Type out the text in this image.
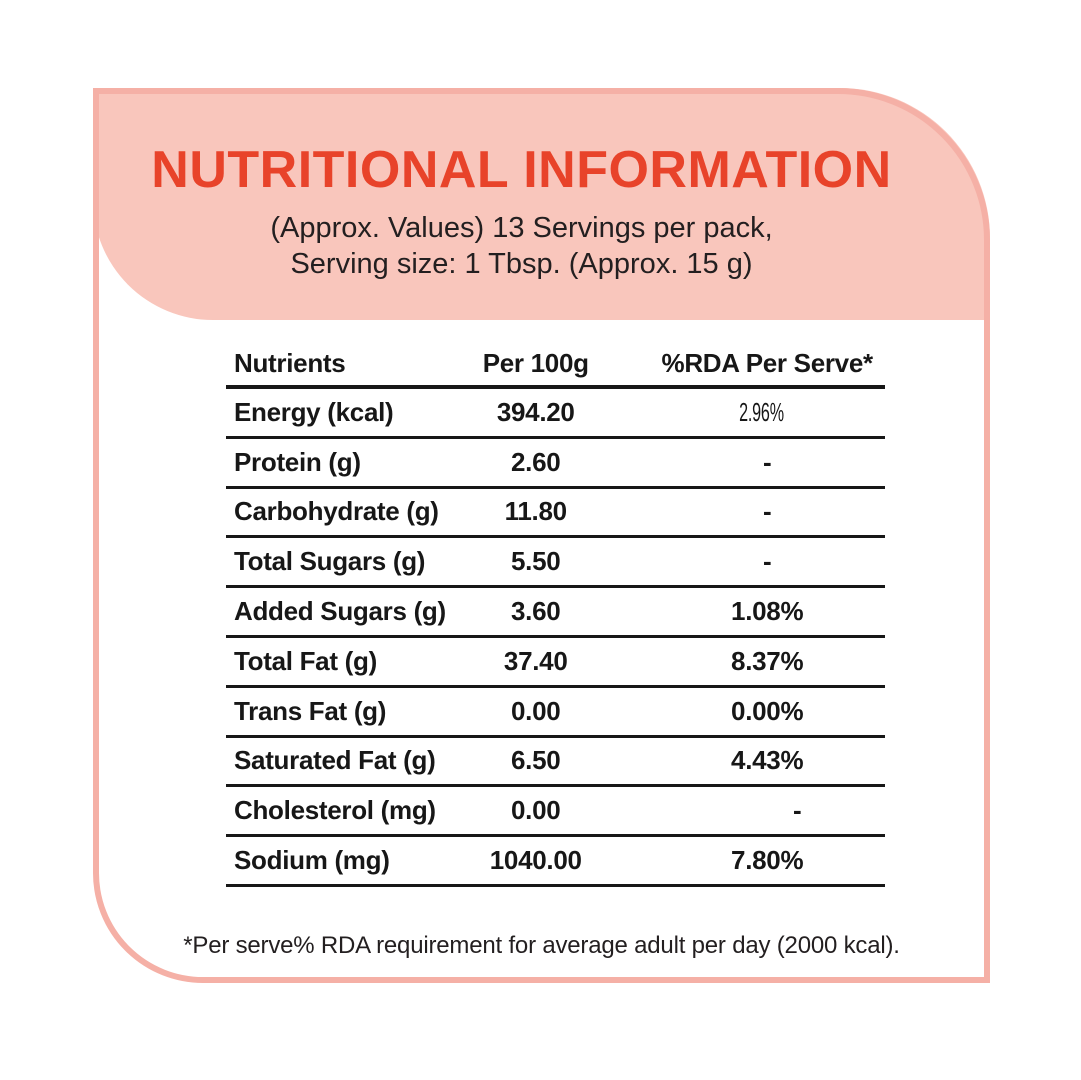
NUTRITIONAL INFORMATION
(Approx. Values) 13 Servings per pack,
Serving size: 1 Tbsp. (Approx. 15 g)
Nutrients	Per 100g	%RDA Per Serve*
Energy (kcal)	394.20	2.96%
Protein (g)	2.60	-
Carbohydrate (g)	11.80	-
Total Sugars (g)	5.50	-
Added Sugars (g)	3.60	1.08%
Total Fat (g)	37.40	8.37%
Trans Fat (g)	0.00	0.00%
Saturated Fat (g)	6.50	4.43%
Cholesterol (mg)	0.00	-
Sodium (mg)	1040.00	7.80%
*Per serve% RDA requirement for average adult per day (2000 kcal).
